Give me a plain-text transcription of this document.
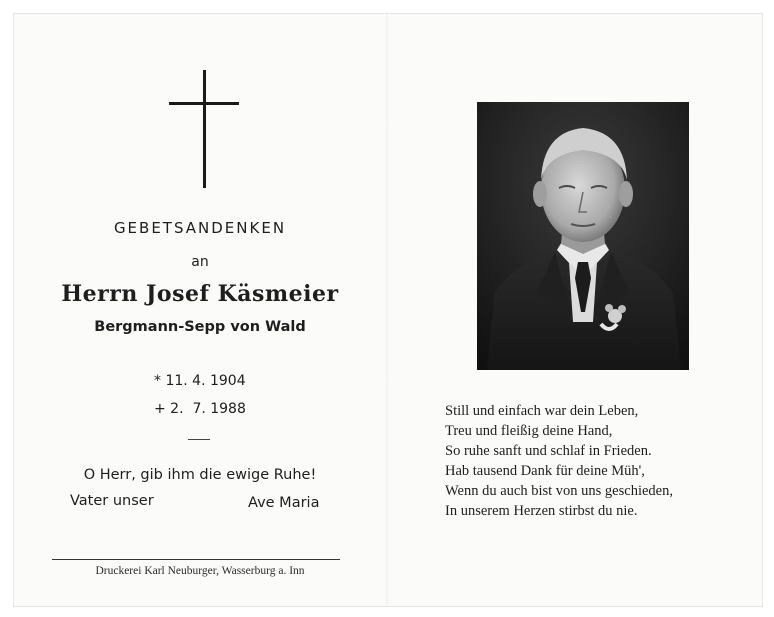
GEBETSANDENKEN
an
Herrn Josef Käsmeier
Bergmann-Sepp von Wald
* 11. 4. 1904
+ 2.  7. 1988
O Herr, gib ihm die ewige Ruhe!
Vater unser	Ave Maria
Druckerei Karl Neuburger, Wasserburg a. Inn
Still und einfach war dein Leben,
Treu und fleißig deine Hand,
So ruhe sanft und schlaf in Frieden.
Hab tausend Dank für deine Müh',
Wenn du auch bist von uns geschieden,
In unserem Herzen stirbst du nie.
